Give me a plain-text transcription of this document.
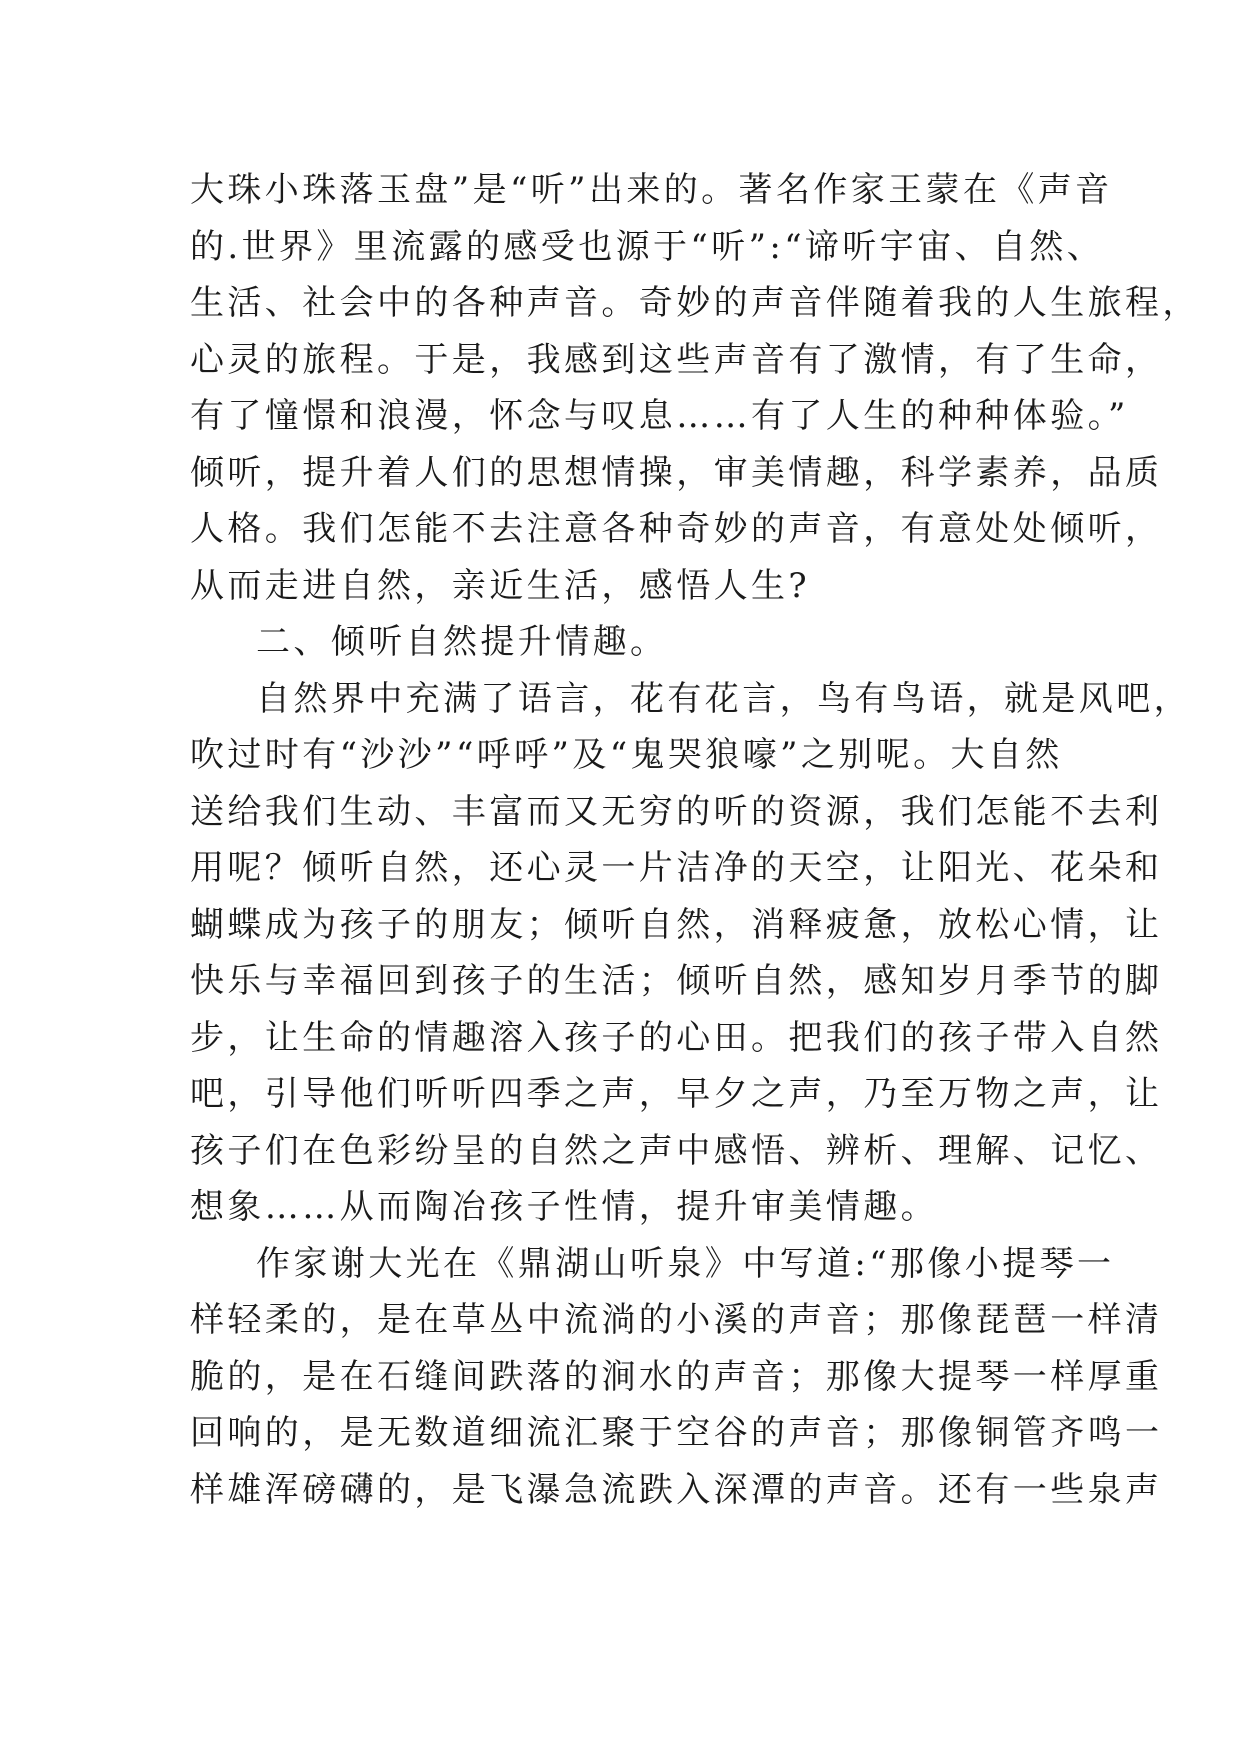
大珠小珠落玉盘”是“听”出来的。著名作家王蒙在《声音
的.世界》里流露的感受也源于“听”:“谛听宇宙、自然、
生活、社会中的各种声音。奇妙的声音伴随着我的人生旅程，
心灵的旅程。于是，我感到这些声音有了激情，有了生命，
有了憧憬和浪漫，怀念与叹息……有了人生的种种体验。”
倾听，提升着人们的思想情操，审美情趣，科学素养，品质
人格。我们怎能不去注意各种奇妙的声音，有意处处倾听，
从而走进自然，亲近生活，感悟人生?
二、倾听自然提升情趣。
自然界中充满了语言，花有花言，鸟有鸟语，就是风吧，
吹过时有“沙沙”“呼呼”及“鬼哭狼嚎”之别呢。大自然
送给我们生动、丰富而又无穷的听的资源，我们怎能不去利
用呢？倾听自然，还心灵一片洁净的天空，让阳光、花朵和
蝴蝶成为孩子的朋友；倾听自然，消释疲惫，放松心情，让
快乐与幸福回到孩子的生活；倾听自然，感知岁月季节的脚
步，让生命的情趣溶入孩子的心田。把我们的孩子带入自然
吧，引导他们听听四季之声，早夕之声，乃至万物之声，让
孩子们在色彩纷呈的自然之声中感悟、辨析、理解、记忆、
想象……从而陶冶孩子性情，提升审美情趣。
作家谢大光在《鼎湖山听泉》中写道:“那像小提琴一
样轻柔的，是在草丛中流淌的小溪的声音；那像琵琶一样清
脆的，是在石缝间跌落的涧水的声音；那像大提琴一样厚重
回响的，是无数道细流汇聚于空谷的声音；那像铜管齐鸣一
样雄浑磅礴的，是飞瀑急流跌入深潭的声音。还有一些泉声
